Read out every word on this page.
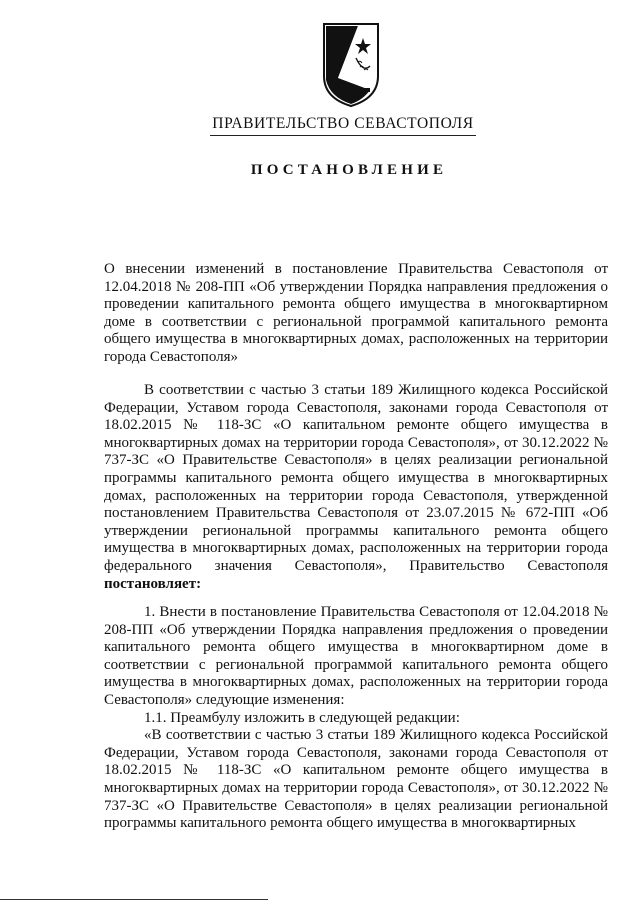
ПРАВИТЕЛЬСТВО СЕВАСТОПОЛЯ
ПОСТАНОВЛЕНИЕ

О внесении изменений в постановление Правительства Севастополя от 12.04.2018 № 208-ПП «Об утверждении Порядка направления предложения о проведении капитального ремонта общего имущества в многоквартирном доме в соответствии с региональной программой капитального ремонта общего имущества в многоквартирных домах, расположенных на территории города Севастополя»

В соответствии с частью 3 статьи 189 Жилищного кодекса Российской Федерации, Уставом города Севастополя, законами города Севастополя от 18.02.2015 № 118-ЗС «О капитальном ремонте общего имущества в многоквартирных домах на территории города Севастополя», от 30.12.2022 № 737-ЗС «О Правительстве Севастополя» в целях реализации региональной программы капитального ремонта общего имущества в многоквартирных домах, расположенных на территории города Севастополя, утвержденной постановлением Правительства Севастополя от 23.07.2015 № 672-ПП «Об утверждении региональной программы капитального ремонта общего имущества в многоквартирных домах, расположенных на территории города федерального значения Севастополя», Правительство Севастополя постановляет:

1. Внести в постановление Правительства Севастополя от 12.04.2018 № 208-ПП «Об утверждении Порядка направления предложения о проведении капитального ремонта общего имущества в многоквартирном доме в соответствии с региональной программой капитального ремонта общего имущества в многоквартирных домах, расположенных на территории города Севастополя» следующие изменения:

1.1. Преамбулу изложить в следующей редакции:

«В соответствии с частью 3 статьи 189 Жилищного кодекса Российской Федерации, Уставом города Севастополя, законами города Севастополя от 18.02.2015 № 118-ЗС «О капитальном ремонте общего имущества в многоквартирных домах на территории города Севастополя», от 30.12.2022 № 737-ЗС «О Правительстве Севастополя» в целях реализации региональной программы капитального ремонта общего имущества в многоквартирных
